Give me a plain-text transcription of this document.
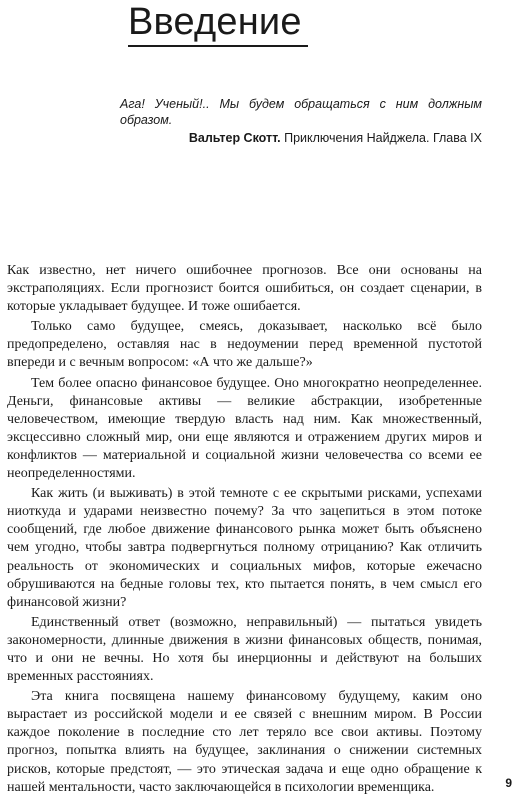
Введение

Ага! Ученый!.. Мы будем обращаться с ним должным образом.

Вальтер Скотт. Приключения Найджела. Глава IX

Как известно, нет ничего ошибочнее прогнозов. Все они основаны на экстраполяциях. Если прогнозист боится ошибиться, он создает сценарии, в которые укладывает будущее. И тоже ошибается.

Только само будущее, смеясь, доказывает, насколько всё было предопределено, оставляя нас в недоумении перед временной пустотой впереди и с вечным вопросом: «А что же дальше?»

Тем более опасно финансовое будущее. Оно многократно неопределеннее. Деньги, финансовые активы — великие абстракции, изобретенные человечеством, имеющие твердую власть над ним. Как множественный, эксцессивно сложный мир, они еще являются и отражением других миров и конфликтов — материальной и социальной жизни человечества со всеми ее неопределенностями.

Как жить (и выживать) в этой темноте с ее скрытыми рисками, успехами ниоткуда и ударами неизвестно почему? За что зацепиться в этом потоке сообщений, где любое движение финансового рынка может быть объяснено чем угодно, чтобы завтра подвергнуться полному отрицанию? Как отличить реальность от экономических и социальных мифов, которые ежечасно обрушиваются на бедные головы тех, кто пытается понять, в чем смысл его финансовой жизни?

Единственный ответ (возможно, неправильный) — пытаться увидеть закономерности, длинные движения в жизни финансовых обществ, понимая, что и они не вечны. Но хотя бы инерционны и действуют на больших временных расстояниях.

Эта книга посвящена нашему финансовому будущему, каким оно вырастает из российской модели и ее связей с внешним миром. В России каждое поколение в последние сто лет теряло все свои активы. Поэтому прогноз, попытка влиять на будущее, заклинания о снижении системных рисков, которые предстоят, — это этическая задача и еще одно обращение к нашей ментальности, часто заключающейся в психологии временщика.	9
